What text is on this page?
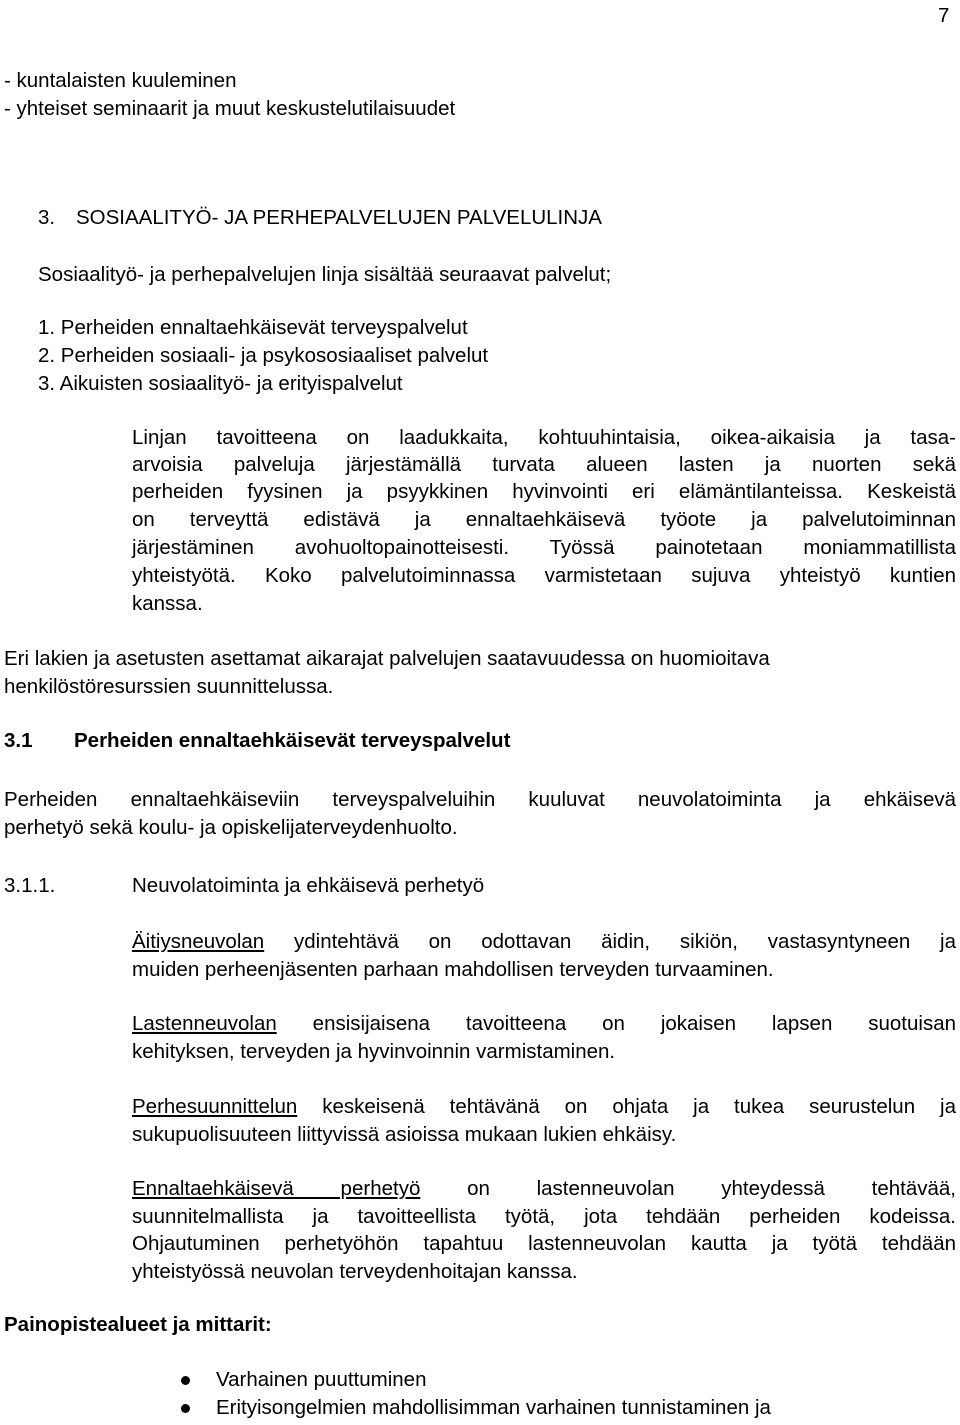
7
- kuntalaisten kuuleminen
- yhteiset seminaarit ja muut keskustelutilaisuudet
3. SOSIAALITYÖ- JA PERHEPALVELUJEN PALVELULINJA
Sosiaalityö- ja perhepalvelujen linja sisältää seuraavat palvelut;
1. Perheiden ennaltaehkäisevät terveyspalvelut
2. Perheiden sosiaali- ja psykososiaaliset palvelut
3. Aikuisten sosiaalityö- ja erityispalvelut
Linjan tavoitteena on laadukkaita, kohtuuhintaisia, oikea-aikaisia ja tasa-
arvoisia palveluja järjestämällä turvata alueen lasten ja nuorten sekä
perheiden fyysinen ja psyykkinen hyvinvointi eri elämäntilanteissa. Keskeistä
on terveyttä edistävä ja ennaltaehkäisevä työote ja palvelutoiminnan
järjestäminen avohuoltopainotteisesti. Työssä painotetaan moniammatillista
yhteistyötä. Koko palvelutoiminnassa varmistetaan sujuva yhteistyö kuntien
kanssa.
Eri lakien ja asetusten asettamat aikarajat palvelujen saatavuudessa on huomioitava
henkilöstöresurssien suunnittelussa.
3.1 Perheiden ennaltaehkäisevät terveyspalvelut
Perheiden ennaltaehkäiseviin terveyspalveluihin kuuluvat neuvolatoiminta ja ehkäisevä
perhetyö sekä koulu- ja opiskelijaterveydenhuolto.
3.1.1.	Neuvolatoiminta ja ehkäisevä perhetyö
Äitiysneuvolan ydintehtävä on odottavan äidin, sikiön, vastasyntyneen ja
muiden perheenjäsenten parhaan mahdollisen terveyden turvaaminen.
Lastenneuvolan ensisijaisena tavoitteena on jokaisen lapsen suotuisan
kehityksen, terveyden ja hyvinvoinnin varmistaminen.
Perhesuunnittelun keskeisenä tehtävänä on ohjata ja tukea seurustelun ja
sukupuolisuuteen liittyvissä asioissa mukaan lukien ehkäisy.
Ennaltaehkäisevä perhetyö on lastenneuvolan yhteydessä tehtävää,
suunnitelmallista ja tavoitteellista työtä, jota tehdään perheiden kodeissa.
Ohjautuminen perhetyöhön tapahtuu lastenneuvolan kautta ja työtä tehdään
yhteistyössä neuvolan terveydenhoitajan kanssa.
Painopistealueet ja mittarit:
Varhainen puuttuminen
Erityisongelmien mahdollisimman varhainen tunnistaminen ja
